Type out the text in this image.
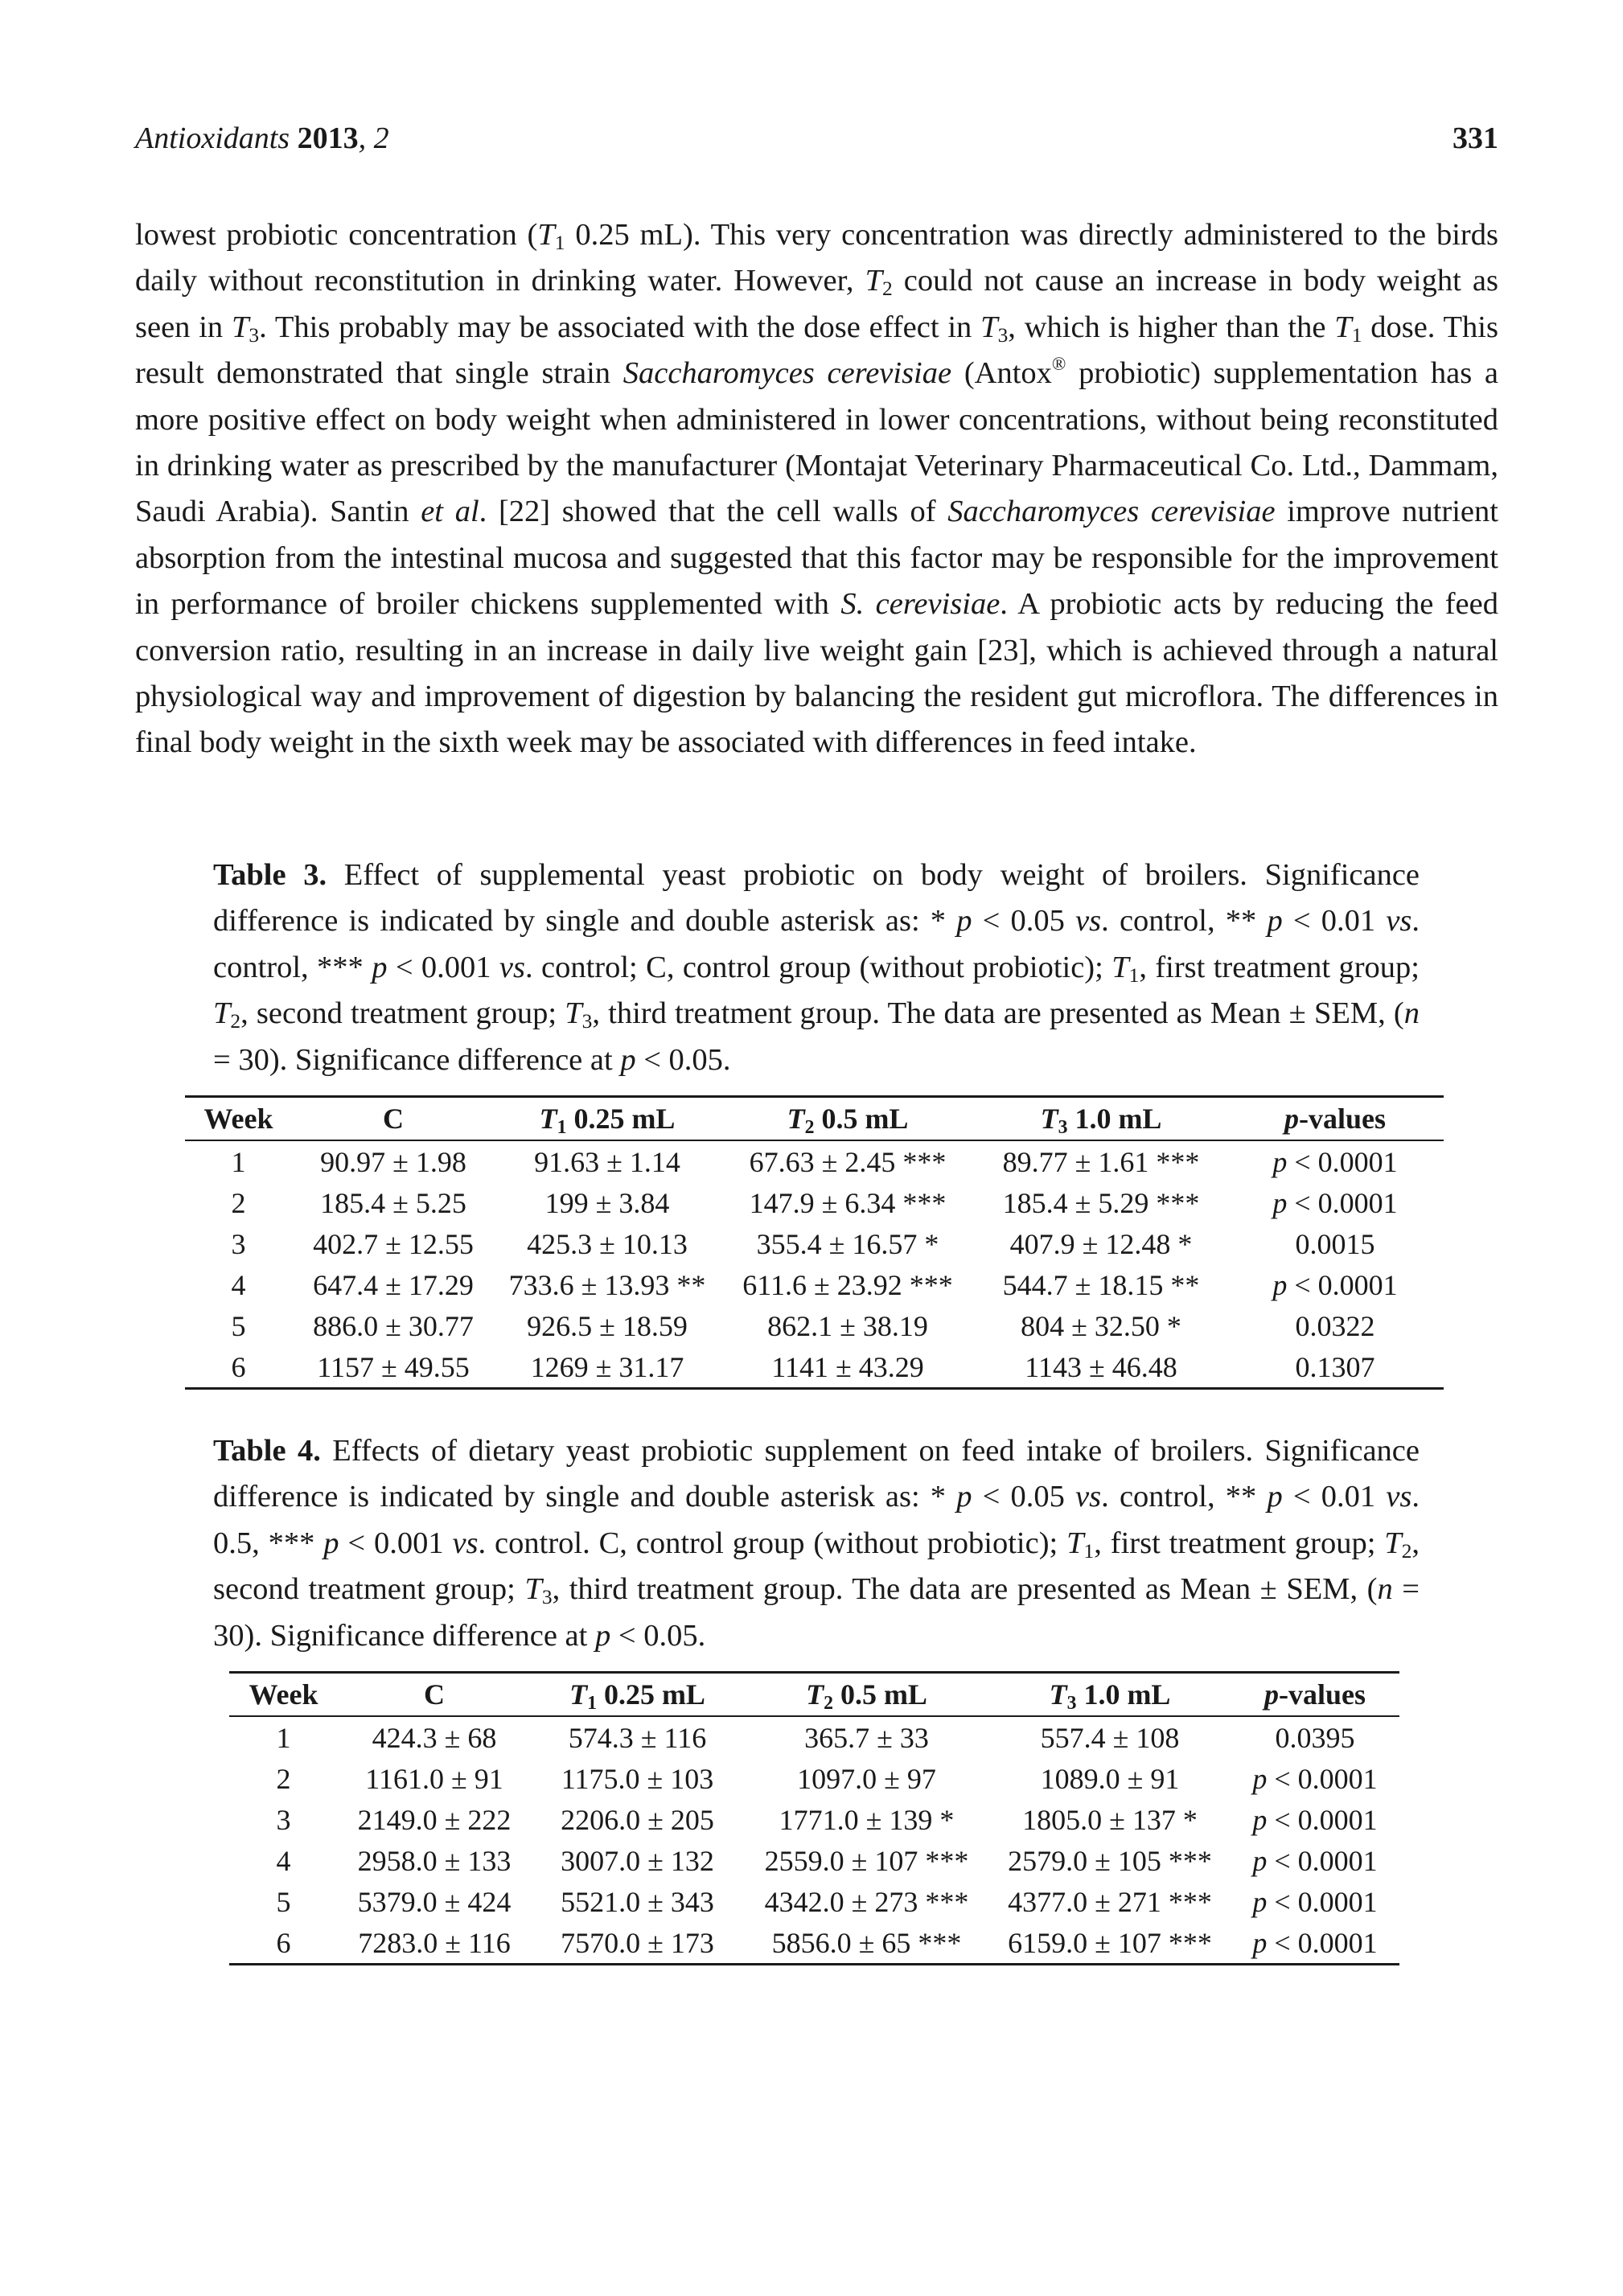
Antioxidants 2013, 2	331

lowest probiotic concentration ($T_1$ 0.25 mL). This very concentration was directly administered to the birds daily without reconstitution in drinking water. However, $T_2$ could not cause an increase in body weight as seen in $T_3$. This probably may be associated with the dose effect in $T_3$, which is higher than the $T_1$ dose. This result demonstrated that single strain Saccharomyces cerevisiae (Antox® probiotic) supplementation has a more positive effect on body weight when administered in lower concentrations, without being reconstituted in drinking water as prescribed by the manufacturer (Montajat Veterinary Pharmaceutical Co. Ltd., Dammam, Saudi Arabia). Santin et al. [22] showed that the cell walls of Saccharomyces cerevisiae improve nutrient absorption from the intestinal mucosa and suggested that this factor may be responsible for the improvement in performance of broiler chickens supplemented with S. cerevisiae. A probiotic acts by reducing the feed conversion ratio, resulting in an increase in daily live weight gain [23], which is achieved through a natural physiological way and improvement of digestion by balancing the resident gut microflora. The differences in final body weight in the sixth week may be associated with differences in feed intake.

Table 3. Effect of supplemental yeast probiotic on body weight of broilers. Significance difference is indicated by single and double asterisk as: * p < 0.05 vs. control, ** p < 0.01 vs. control, *** p < 0.001 vs. control; C, control group (without probiotic); $T_1$, first treatment group; $T_2$, second treatment group; $T_3$, third treatment group. The data are presented as Mean ± SEM, (n = 30). Significance difference at p < 0.05.

Week	C	$T_1$ 0.25 mL	$T_2$ 0.5 mL	$T_3$ 1.0 mL	p-values
1	90.97 ± 1.98	91.63 ± 1.14	67.63 ± 2.45 ***	89.77 ± 1.61 ***	p < 0.0001
2	185.4 ± 5.25	199 ± 3.84	147.9 ± 6.34 ***	185.4 ± 5.29 ***	p < 0.0001
3	402.7 ± 12.55	425.3 ± 10.13	355.4 ± 16.57 *	407.9 ± 12.48 *	0.0015
4	647.4 ± 17.29	733.6 ± 13.93 **	611.6 ± 23.92 ***	544.7 ± 18.15 **	p < 0.0001
5	886.0 ± 30.77	926.5 ± 18.59	862.1 ± 38.19	804 ± 32.50 *	0.0322
6	1157 ± 49.55	1269 ± 31.17	1141 ± 43.29	1143 ± 46.48	0.1307

Table 4. Effects of dietary yeast probiotic supplement on feed intake of broilers. Significance difference is indicated by single and double asterisk as: * p < 0.05 vs. control, ** p < 0.01 vs. 0.5, *** p < 0.001 vs. control. C, control group (without probiotic); $T_1$, first treatment group; $T_2$, second treatment group; $T_3$, third treatment group. The data are presented as Mean ± SEM, (n = 30). Significance difference at p < 0.05.

Week	C	$T_1$ 0.25 mL	$T_2$ 0.5 mL	$T_3$ 1.0 mL	p-values
1	424.3 ± 68	574.3 ± 116	365.7 ± 33	557.4 ± 108	0.0395
2	1161.0 ± 91	1175.0 ± 103	1097.0 ± 97	1089.0 ± 91	p < 0.0001
3	2149.0 ± 222	2206.0 ± 205	1771.0 ± 139 *	1805.0 ± 137 *	p < 0.0001
4	2958.0 ± 133	3007.0 ± 132	2559.0 ± 107 ***	2579.0 ± 105 ***	p < 0.0001
5	5379.0 ± 424	5521.0 ± 343	4342.0 ± 273 ***	4377.0 ± 271 ***	p < 0.0001
6	7283.0 ± 116	7570.0 ± 173	5856.0 ± 65 ***	6159.0 ± 107 ***	p < 0.0001
